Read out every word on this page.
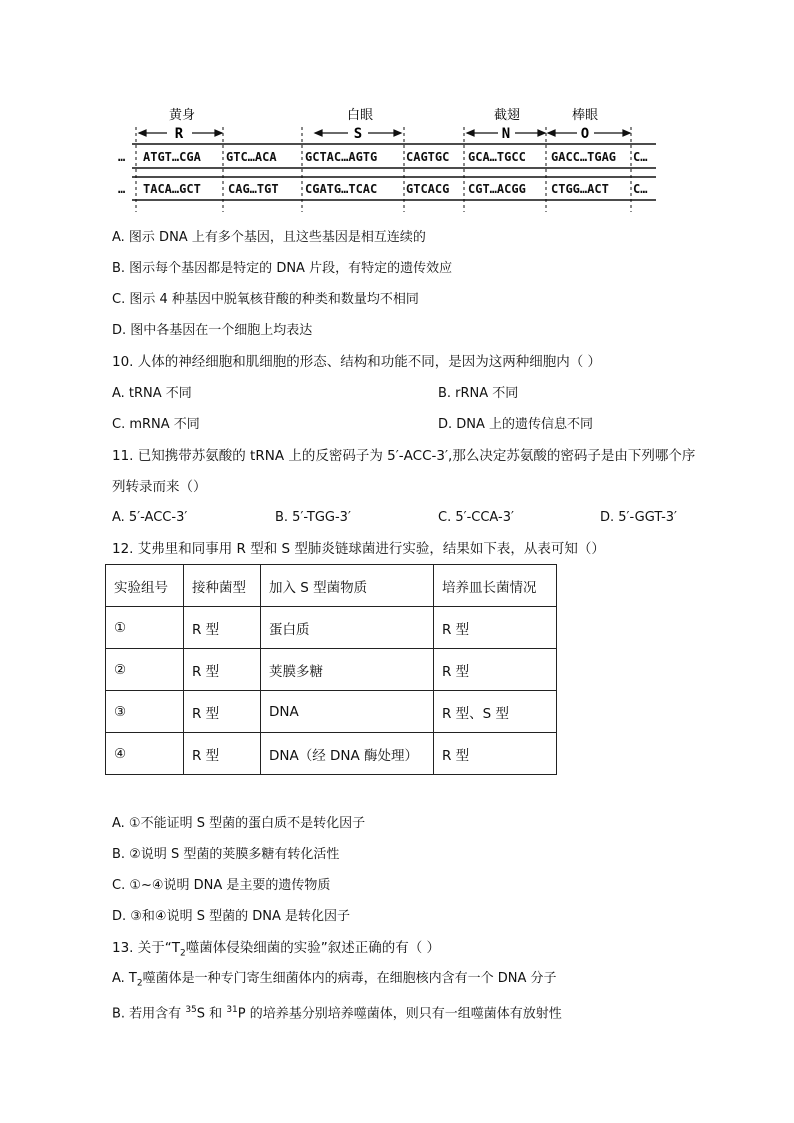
黄身	白眼	截翅	棒眼
R	S	N	O
… ATGT…CGA GTC…ACA GCTAC…AGTG CAGTGC GCA…TGCC GACC…TGAG C…
… TACA…GCT CAG…TGT CGATG…TCAC GTCACG CGT…ACGG CTGG…ACT C…
A. 图示 DNA 上有多个基因，且这些基因是相互连续的
B. 图示每个基因都是特定的 DNA 片段，有特定的遗传效应
C. 图示 4 种基因中脱氧核苷酸的种类和数量均不相同
D. 图中各基因在一个细胞上均表达
10. 人体的神经细胞和肌细胞的形态、结构和功能不同，是因为这两种细胞内（ ）
A. tRNA 不同	B. rRNA 不同
C. mRNA 不同	D. DNA 上的遗传信息不同
11. 已知携带苏氨酸的 tRNA 上的反密码子为 5′-ACC-3′,那么决定苏氨酸的密码子是由下列哪个序
列转录而来（）
A. 5′-ACC-3′	B. 5′-TGG-3′	C. 5′-CCA-3′	D. 5′-GGT-3′
12. 艾弗里和同事用 R 型和 S 型肺炎链球菌进行实验，结果如下表，从表可知（）
实验组号	接种菌型	加入 S 型菌物质	培养皿长菌情况
①	R 型	蛋白质	R 型
②	R 型	荚膜多糖	R 型
③	R 型	DNA	R 型、S 型
④	R 型	DNA（经 DNA 酶处理）	R 型
A. ①不能证明 S 型菌的蛋白质不是转化因子
B. ②说明 S 型菌的荚膜多糖有转化活性
C. ①~④说明 DNA 是主要的遗传物质
D. ③和④说明 S 型菌的 DNA 是转化因子
13. 关于“$T_2$噬菌体侵染细菌的实验”叙述正确的有（ ）
A. $T_2$噬菌体是一种专门寄生细菌体内的病毒，在细胞核内含有一个 DNA 分子
B. 若用含有 $^{35}$S 和 $^{31}$P 的培养基分别培养噬菌体，则只有一组噬菌体有放射性
